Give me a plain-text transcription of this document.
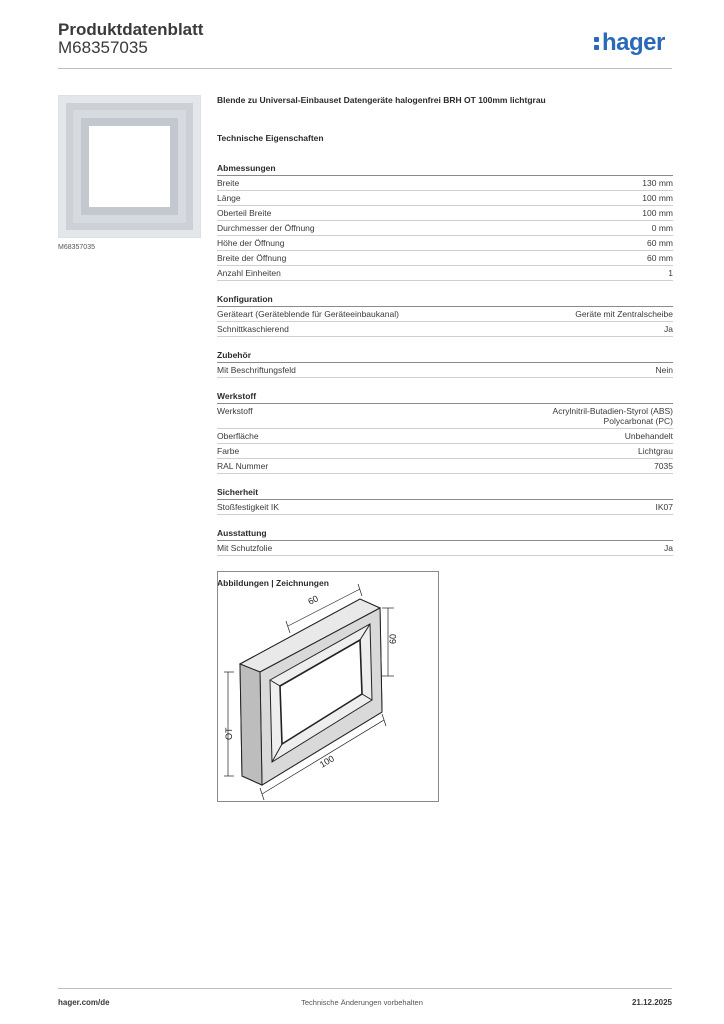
Produktdatenblatt
M68357035	hager
M68357035
Blende zu Universal-Einbauset Datengeräte halogenfrei BRH OT 100mm lichtgrau
Technische Eigenschaften
Abmessungen
Breite	130 mm
Länge	100 mm
Oberteil Breite	100 mm
Durchmesser der Öffnung	0 mm
Höhe der Öffnung	60 mm
Breite der Öffnung	60 mm
Anzahl Einheiten	1
Konfiguration
Geräteart (Geräteblende für Geräteeinbaukanal)	Geräte mit Zentralscheibe
Schnittkaschierend	Ja
Zubehör
Mit Beschriftungsfeld	Nein
Werkstoff
Werkstoff	Acrylnitril-Butadien-Styrol (ABS)
Polycarbonat (PC)
Oberfläche	Unbehandelt
Farbe	Lichtgrau
RAL Nummer	7035
Sicherheit
Stoßfestigkeit IK	IK07
Ausstattung
Mit Schutzfolie	Ja
Abbildungen | Zeichnungen
60
60
100
OT
hager.com/de	Technische Änderungen vorbehalten	21.12.2025
